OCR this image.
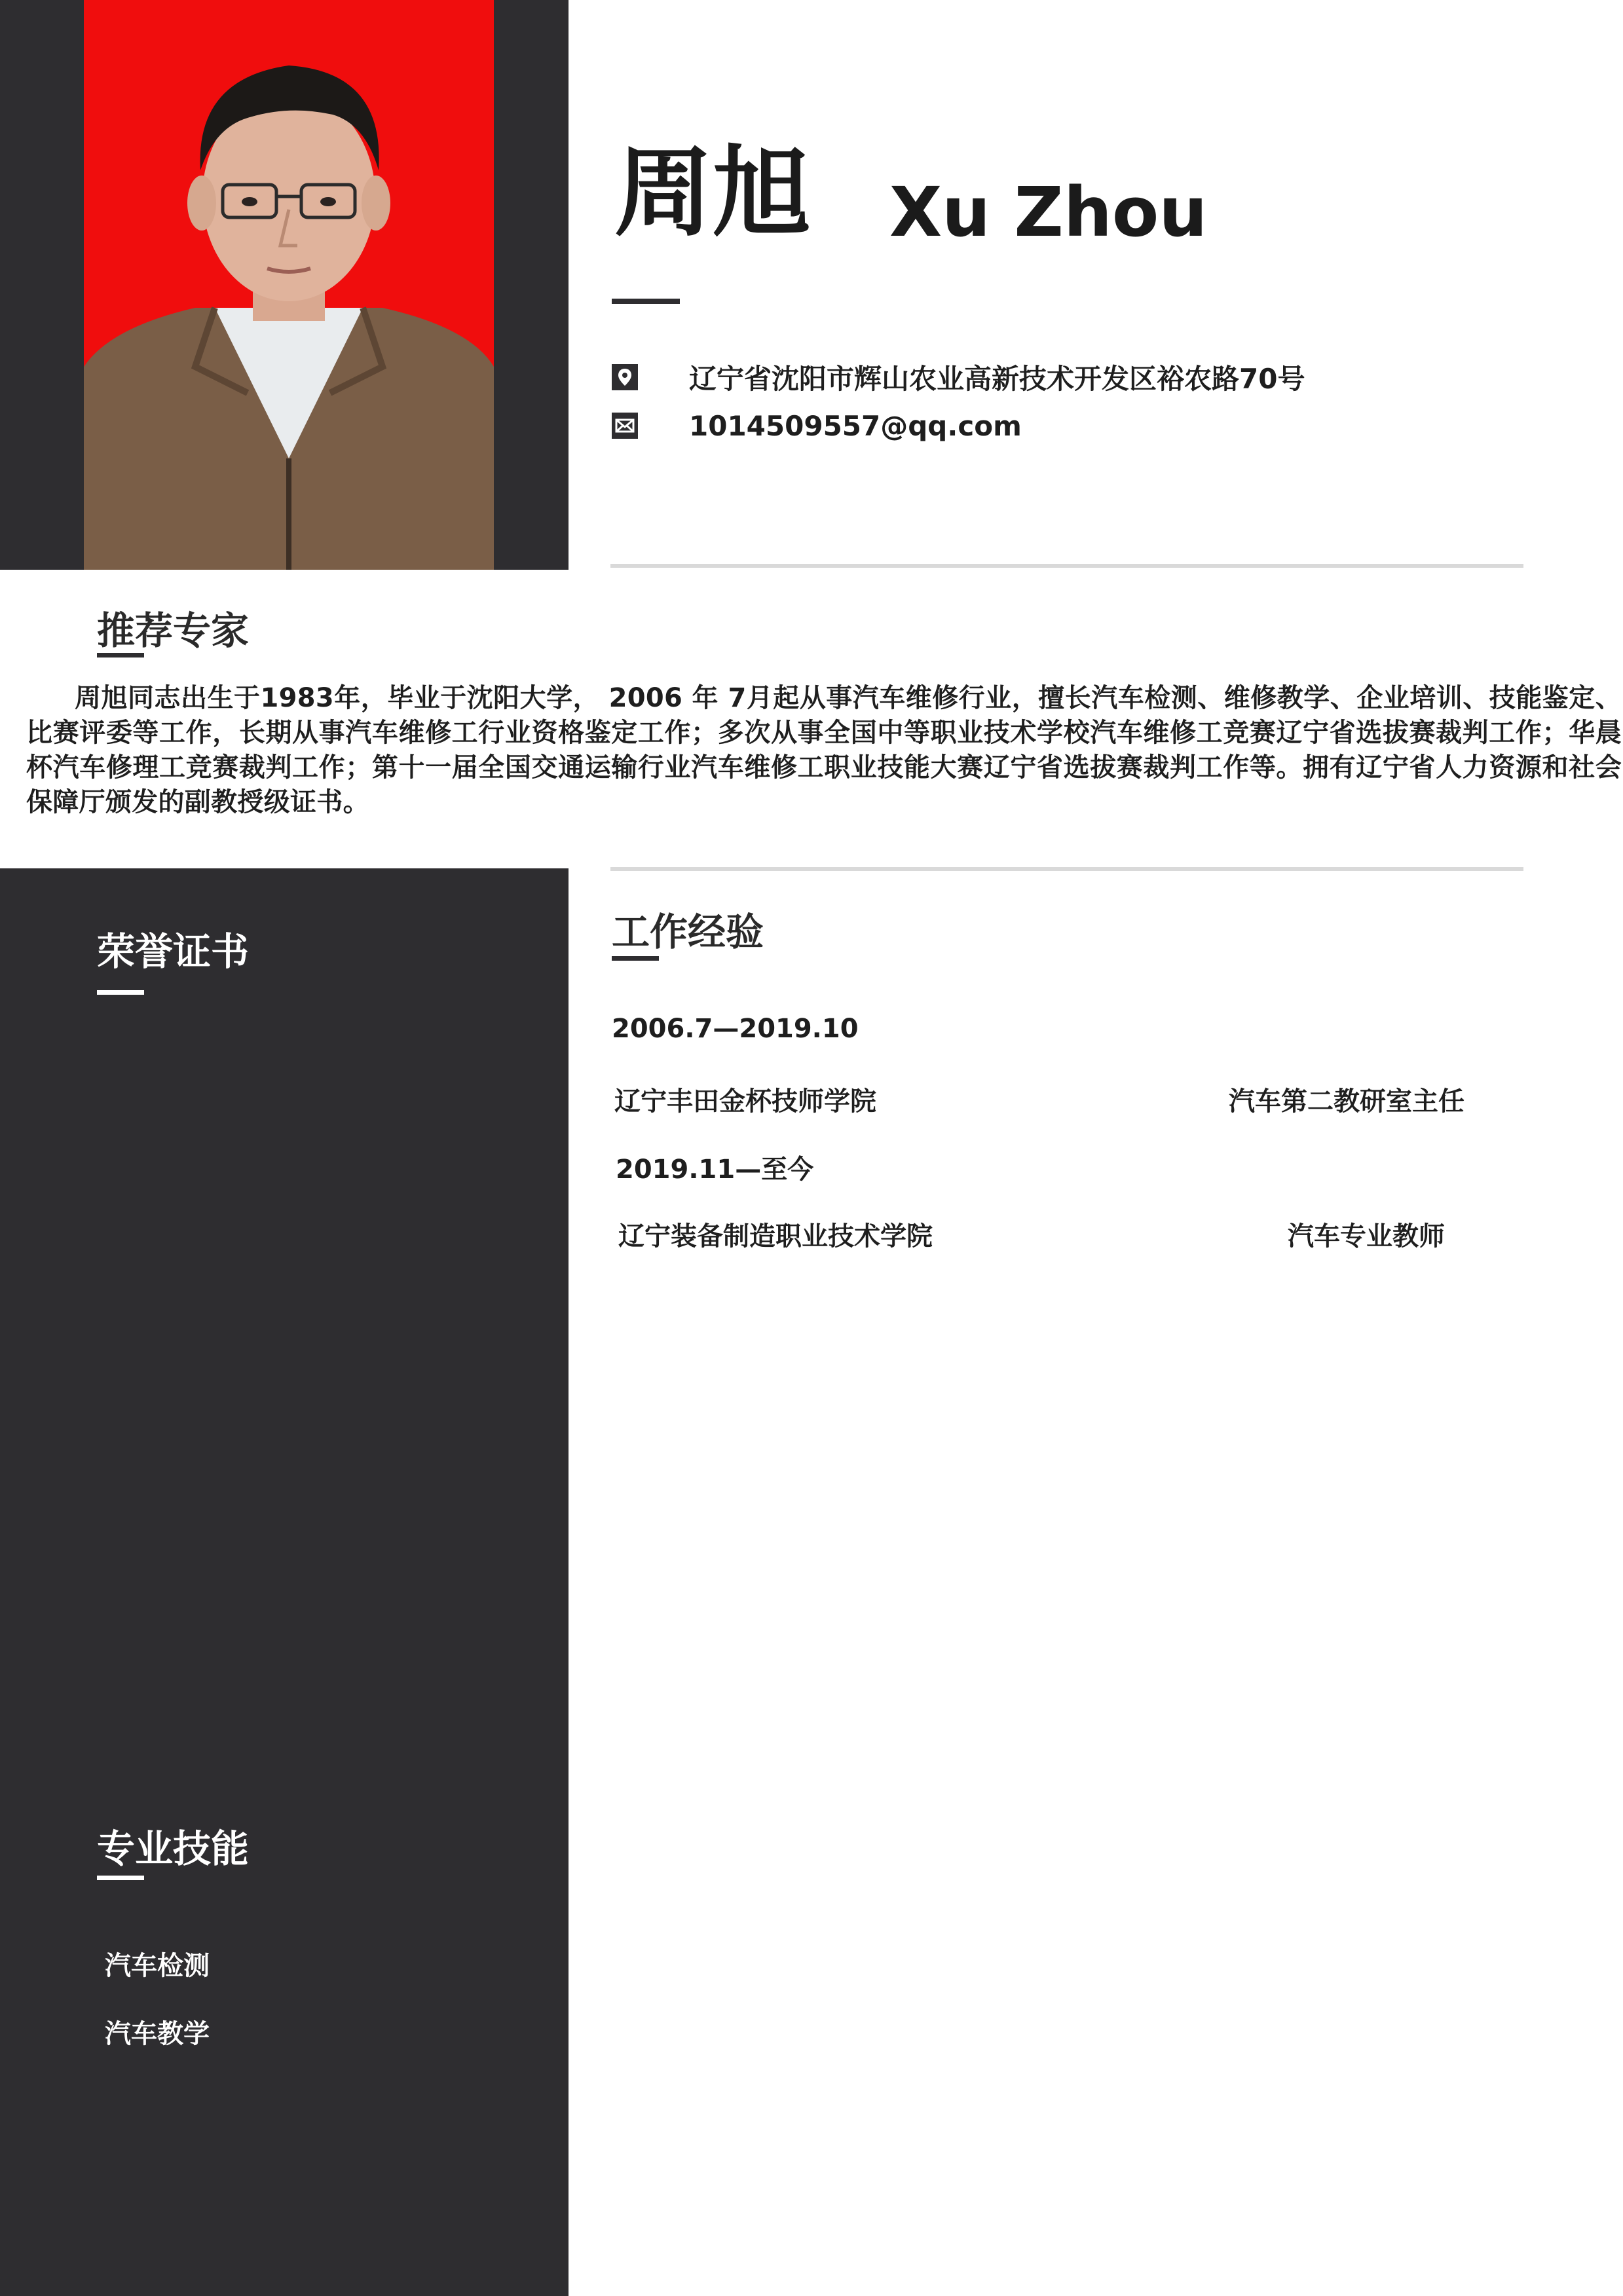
周旭 Xu Zhou
辽宁省沈阳市辉山农业高新技术开发区裕农路70号
1014509557@qq.com
推荐专家
周旭同志出生于1983年，毕业于沈阳大学， 2006 年 7月起从事汽车维修行业，擅长汽车检测、维修教学、企业培训、技能鉴定、比赛评委等工作，长期从事汽车维修工行业资格鉴定工作；多次从事全国中等职业技术学校汽车维修工竞赛辽宁省选拔赛裁判工作；华晨杯汽车修理工竞赛裁判工作；第十一届全国交通运输行业汽车维修工职业技能大赛辽宁省选拔赛裁判工作等。拥有辽宁省人力资源和社会保障厅颁发的副教授级证书。
荣誉证书
专业技能
汽车检测
汽车教学
工作经验
2006.7—2019.10
辽宁丰田金杯技师学院	汽车第二教研室主任
2019.11—至今
辽宁装备制造职业技术学院	汽车专业教师
